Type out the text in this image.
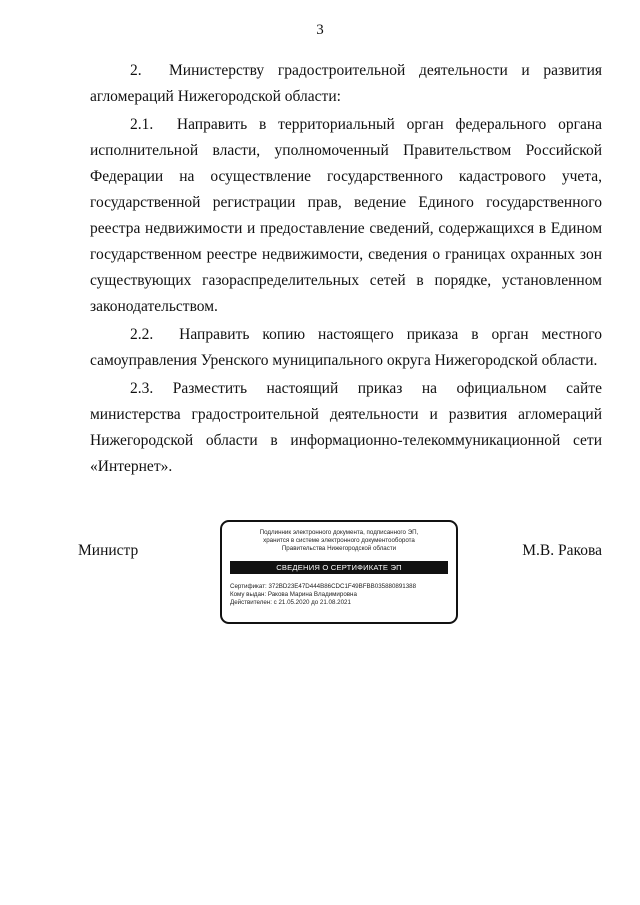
3

2.  Министерству градостроительной деятельности и развития агломераций Нижегородской области:

2.1.  Направить в территориальный орган федерального органа исполнительной власти, уполномоченный Правительством Российской Федерации на осуществление государственного кадастрового учета, государственной регистрации прав, ведение Единого государственного реестра недвижимости и предоставление сведений, содержащихся в Едином государственном реестре недвижимости, сведения о границах охранных зон существующих газораспределительных сетей в порядке, установленном законодательством.

2.2.  Направить копию настоящего приказа в орган местного самоуправления Уренского муниципального округа Нижегородской области.

2.3. Разместить настоящий приказ на официальном сайте министерства градостроительной деятельности и развития агломераций Нижегородской области в информационно-телекоммуникационной сети «Интернет».

Министр
Подлинник электронного документа, подписанного ЭП,
хранится в системе электронного документооборота
Правительства Нижегородской области
СВЕДЕНИЯ О СЕРТИФИКАТЕ ЭП
Сертификат: 372BD23E47D444B86CDC1F49BFBB035880891388
Кому выдан: Ракова Марина Владимировна
Действителен: с 21.05.2020 до 21.08.2021
М.В. Ракова
